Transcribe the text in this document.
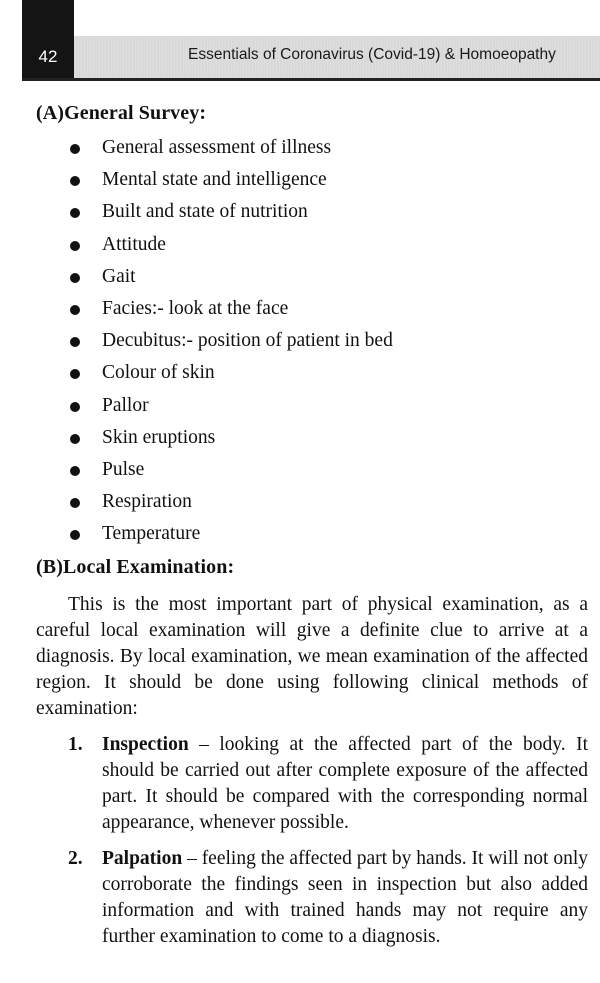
42	Essentials of Coronavirus (Covid-19) & Homoeopathy
(A)General Survey:
General assessment of illness
Mental state and intelligence
Built and state of nutrition
Attitude
Gait
Facies:- look at the face
Decubitus:- position of patient in bed
Colour of skin
Pallor
Skin eruptions
Pulse
Respiration
Temperature
(B)Local Examination:

This is the most important part of physical examination, as a careful local examination will give a definite clue to arrive at a diagnosis. By local examination, we mean examination of the affected region. It should be done using following clinical methods of examination:

1. Inspection – looking at the affected part of the body. It should be carried out after complete exposure of the affected part. It should be compared with the corresponding normal appearance, whenever possible.
2. Palpation – feeling the affected part by hands. It will not only corroborate the findings seen in inspection but also added information and with trained hands may not require any further examination to come to a diagnosis.
